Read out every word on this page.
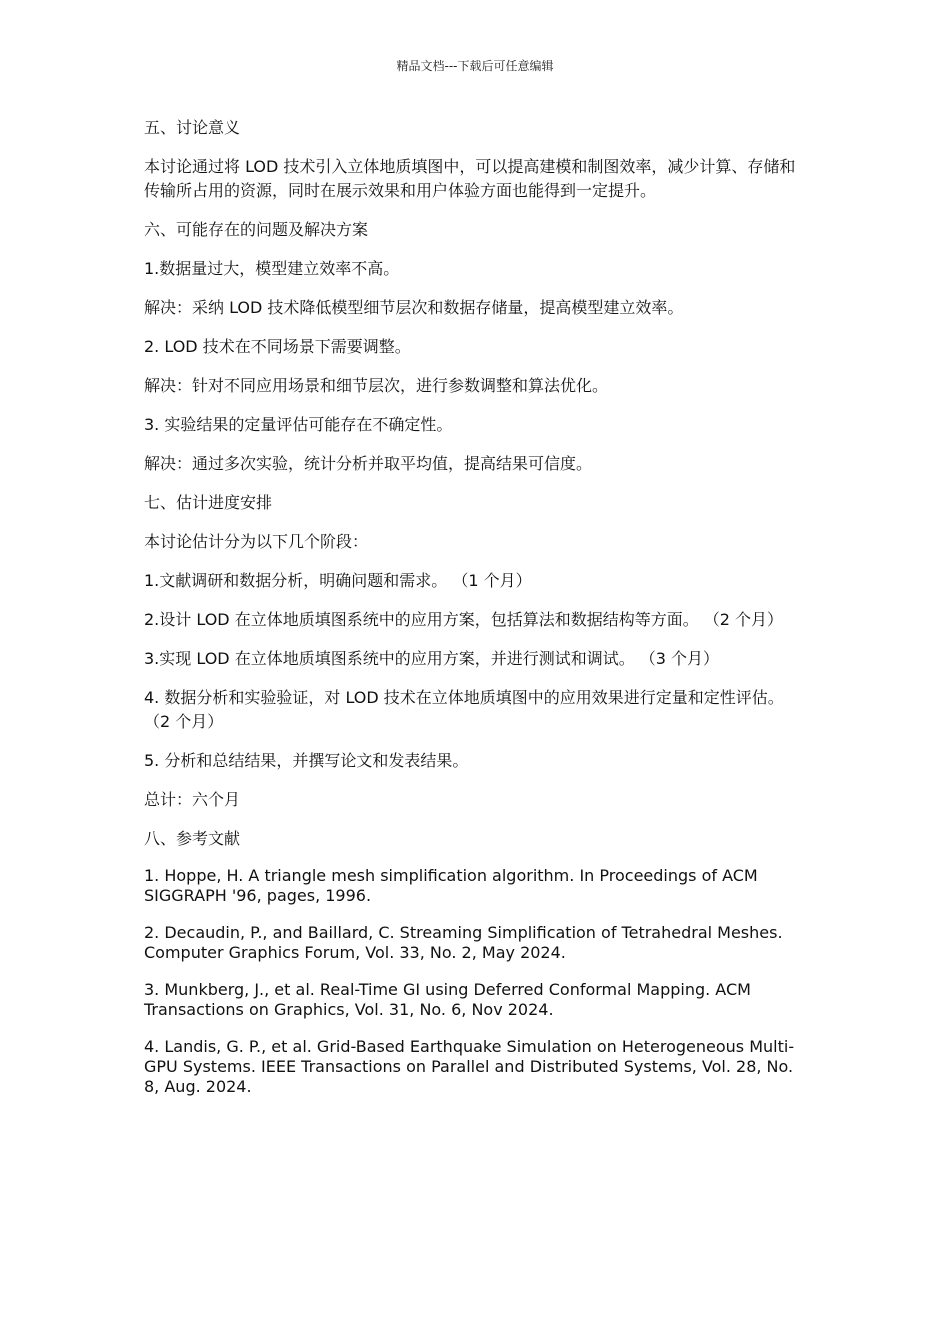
精品文档---下载后可任意编辑

五、讨论意义

本讨论通过将 LOD 技术引入立体地质填图中，可以提高建模和制图效率，减少计算、存储和传输所占用的资源，同时在展示效果和用户体验方面也能得到一定提升。

六、可能存在的问题及解决方案

1.数据量过大，模型建立效率不高。

解决：采纳 LOD 技术降低模型细节层次和数据存储量，提高模型建立效率。

2. LOD 技术在不同场景下需要调整。

解决：针对不同应用场景和细节层次，进行参数调整和算法优化。

3. 实验结果的定量评估可能存在不确定性。

解决：通过多次实验，统计分析并取平均值，提高结果可信度。

七、估计进度安排

本讨论估计分为以下几个阶段：

1.文献调研和数据分析，明确问题和需求。 （1 个月）

2.设计 LOD 在立体地质填图系统中的应用方案，包括算法和数据结构等方面。 （2 个月）

3.实现 LOD 在立体地质填图系统中的应用方案，并进行测试和调试。 （3 个月）

4. 数据分析和实验验证，对 LOD 技术在立体地质填图中的应用效果进行定量和定性评估。 （2 个月）

5. 分析和总结结果，并撰写论文和发表结果。

总计：六个月

八、参考文献

1. Hoppe, H. A triangle mesh simplification algorithm. In Proceedings of ACM SIGGRAPH '96, pages, 1996.

2. Decaudin, P., and Baillard, C. Streaming Simplification of Tetrahedral Meshes. Computer Graphics Forum, Vol. 33, No. 2, May 2024.

3. Munkberg, J., et al. Real-Time GI using Deferred Conformal Mapping. ACM Transactions on Graphics, Vol. 31, No. 6, Nov 2024.

4. Landis, G. P., et al. Grid-Based Earthquake Simulation on Heterogeneous Multi-GPU Systems. IEEE Transactions on Parallel and Distributed Systems, Vol. 28, No. 8, Aug. 2024.
